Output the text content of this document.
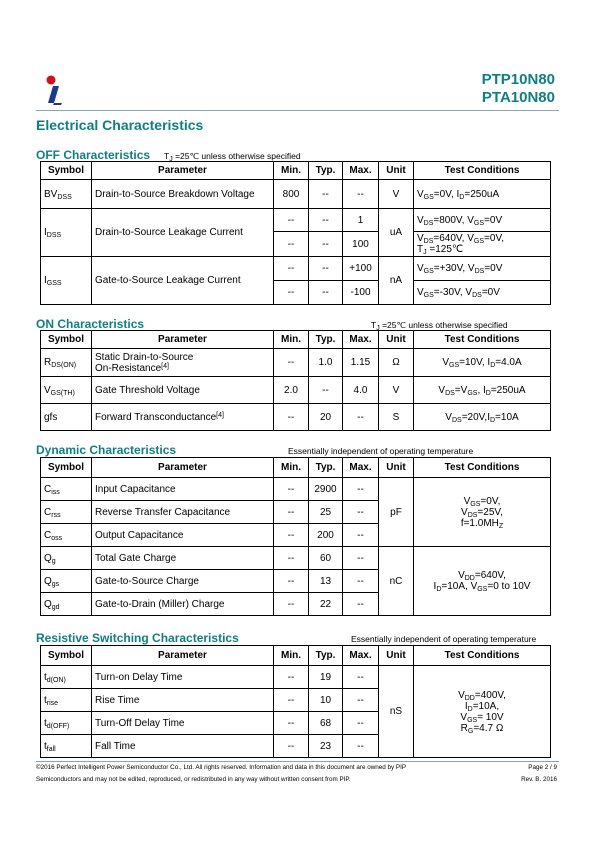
PTP10N80
PTA10N80
Electrical Characteristics
OFF Characteristics $T_J$ =25℃ unless otherwise specified
Symbol	Parameter	Min.	Typ.	Max.	Unit	Test Conditions
$BV_{DSS}$	Drain-to-Source Breakdown Voltage	800	--	--	V	$V_{GS}=0V$, $I_D=250uA$
$I_{DSS}$	Drain-to-Source Leakage Current	--	--	1	uA	$V_{DS}=800V$, $V_{GS}=0V$
		--	--	100		$V_{DS}=640V$, $V_{GS}=0V$,
$T_J$ =125℃
$I_{GSS}$	Gate-to-Source Leakage Current	--	--	+100	nA	$V_{GS}=+30V$, $V_{DS}=0V$
		--	--	-100		$V_{GS}=-30V$, $V_{DS}=0V$
ON Characteristics	$T_J$ =25℃ unless otherwise specified
Symbol	Parameter	Min.	Typ.	Max.	Unit	Test Conditions
$R_{DS(ON)}$	Static Drain-to-Source
On-Resistance[4]	--	1.0	1.15	Ω	$V_{GS}=10V$, $I_D=4.0A$
$V_{GS(TH)}$	Gate Threshold Voltage	2.0	--	4.0	V	$V_{DS}=V_{GS}$, $I_D=250uA$
gfs	Forward Transconductance[4]	--	20	--	S	$V_{DS}=20V,I_D=10A$
Dynamic Characteristics	Essentially independent of operating temperature
Symbol	Parameter	Min.	Typ.	Max.	Unit	Test Conditions
$C_{iss}$	Input Capacitance	--	2900	--	pF	$V_{GS}=0V$,
$V_{DS}=25V$,
$f=1.0MH_Z$
$C_{rss}$	Reverse Transfer Capacitance	--	25	--		
$C_{oss}$	Output Capacitance	--	200	--		
$Q_g$	Total Gate Charge	--	60	--	nC	$V_{DD}=640V$,
$I_D=10A$, $V_{GS}=0$ to 10V
$Q_{gs}$	Gate-to-Source Charge	--	13	--		
$Q_{gd}$	Gate-to-Drain (Miller) Charge	--	22	--		
Resistive Switching Characteristics	Essentially independent of operating temperature
Symbol	Parameter	Min.	Typ.	Max.	Unit	Test Conditions
$t_{d(ON)}$	Turn-on Delay Time	--	19	--	nS	$V_{DD}=400V$,
$I_D=10A$,
$V_{GS}= 10V$
$R_G=4.7$ Ω
$t_{rise}$	Rise Time	--	10	--		
$t_{d(OFF)}$	Turn-Off Delay Time	--	68	--		
$t_{fall}$	Fall Time	--	23	--		
©2016 Perfect Intelligent Power Semiconductor Co., Ltd. All rights reserved. Information and data in this document are owned by PIP
Semiconductors and may not be edited, reproduced, or redistributed in any way without written consent from PIP.
Page 2 / 9
Rev. B. 2016
